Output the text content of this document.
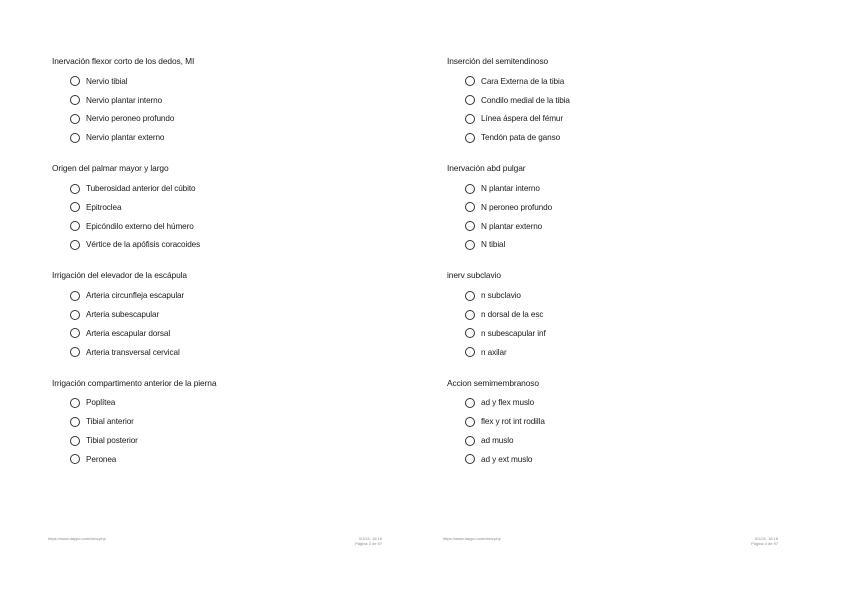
Inervación flexor corto de los dedos, MI
Nervio tibial
Nervio plantar interno
Nervio peroneo profundo
Nervio plantar externo
Origen del palmar mayor y largo
Tuberosidad anterior del cúbito
Epitroclea
Epicóndilo externo del húmero
Vértice de la apófisis coracoides
Irrigación del elevador de la escápula
Arteria circunfleja escapular
Arteria subescapular
Arteria escapular dorsal
Arteria transversal cervical
Irrigación compartimento anterior de la pierna
Poplítea
Tibial anterior
Tibial posterior
Peronea
Inserción del semitendinoso
Cara Externa de la tibia
Condilo medial de la tibia
Línea áspera del fémur
Tendón pata de ganso
Inervación abd pulgar
N plantar interno
N peroneo profundo
N plantar externo
N tibial
inerv subclavio
n subclavio
n dorsal de la esc
n subescapular inf
n axilar
Accion semimembranoso
ad y flex muslo
flex y rot int rodilla
ad muslo
ad y ext muslo
https://www.daypo.com/view.php	3/1/24, 16:16
Página 3 de 97
https://www.daypo.com/view.php	3/1/24, 16:16
Página 4 de 97
